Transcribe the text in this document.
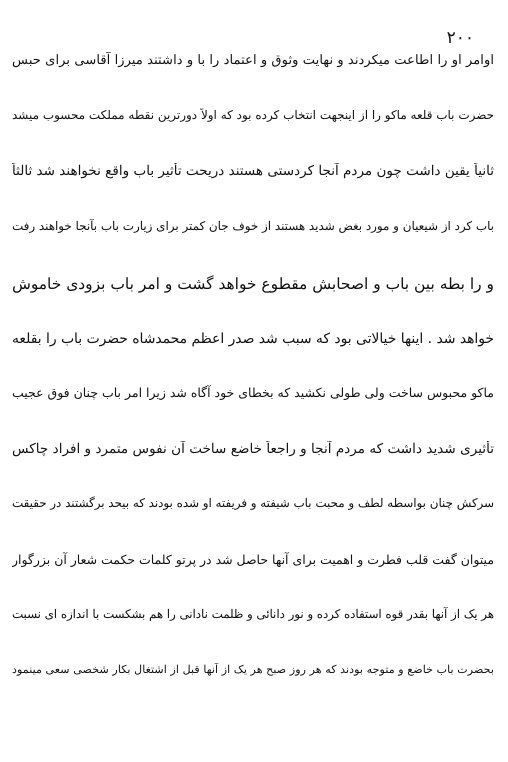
۲۰۰
اوامر او را اطاعت میکردند و نهایت وثوق و اعتماد را با و داشتند میرزا آقاسی برای حبس
حضرت باب قلعه ماکو را از اینجهت انتخاب کرده بود که اولاً دورترین نقطه مملکت محسوب میشد
ثانیاً یقین داشت چون مردم آنجا کردستی هستند دریحت تأثیر باب واقع نخواهند شد ثالثاً
باب کرد از شیعیان و مورد بغض شدید هستند از خوف جان کمتر برای زیارت باب بآنجا خواهند رفت
و را بطه بین باب و اصحابش مقطوع خواهد گشت و امر باب بزودی خاموش
خواهد شد . اینها خیالاتی بود که سبب شد صدر اعظم محمدشاه حضرت باب را بقلعه
ماکو محبوس ساخت ولی طولی نکشید که بخطای خود آگاه شد زیرا امر باب چنان فوق عجیب
تأثیری شدید داشت که مردم آنجا و راجعاً خاضع ساخت آن نفوس متمرد و افراد چاکس
سرکش چنان بواسطه لطف و محبت باب شیفته و فریفته او شده بودند که بیحد برگشتند در حقیقت
میتوان گفت قلب فطرت و اهمیت برای آنها حاصل شد در پرتو کلمات حکمت شعار آن بزرگوار
هر یک از آنها بقدر قوه استفاده کرده و نور دانائی و ظلمت نادانی را هم بشکست با اندازه ای نسبت
بحضرت باب خاضع و متوجه بودند که هر روز صبح هر یک از آنها قبل از اشتغال بکار شخصی سعی مینمود
